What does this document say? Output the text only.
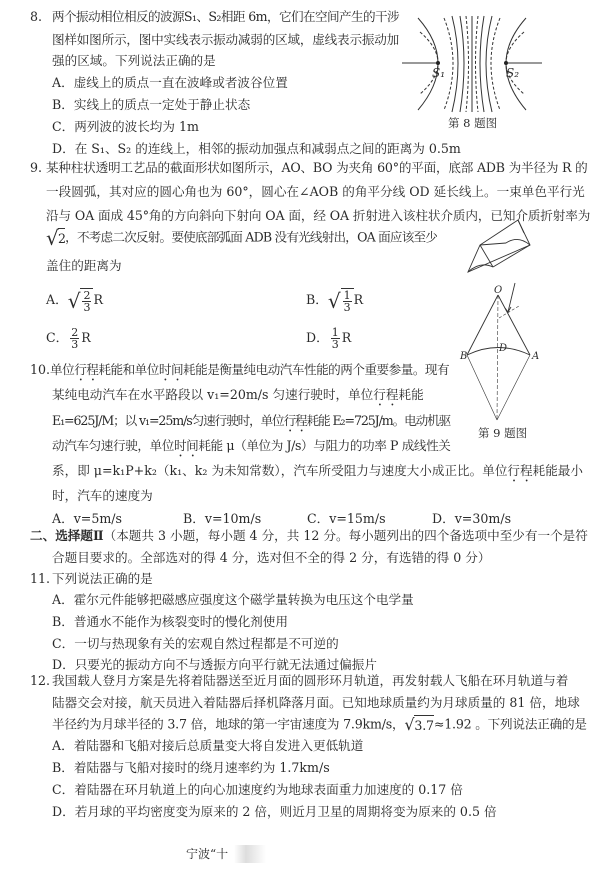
8. 两个振动相位相反的波源S₁、S₂相距 6m，它们在空间产生的干涉
图样如图所示，图中实线表示振动减弱的区域，虚线表示振动加
强的区域。下列说法正确的是
A．虚线上的质点一直在波峰或者波谷位置
B．实线上的质点一定处于静止状态
C．两列波的波长均为 1m
D．在 S₁、S₂ 的连线上，相邻的振动加强点和减弱点之间的距离为 0.5m
S₁	S₂
第 8 题图
9. 某种柱状透明工艺品的截面形状如图所示，AO、BO 为夹角 60°的平面，底部 ADB 为半径为 R 的
一段圆弧，其对应的圆心角也为 60°，圆心在∠AOB 的角平分线 OD 延长线上。一束单色平行光
沿与 OA 面成 45°角的方向斜向下射向 OA 面，经 OA 折射进入该柱状介质内，已知介质折射率为
√ 2 ，不考虑二次反射。要使底部弧面 ADB 没有光线射出，OA 面应该至少
盖住的距离为
A． √ $\frac{2}{3}$ R	B． √ $\frac{1}{3}$ R
C． $\frac{2}{3}$ R	D． $\frac{1}{3}$ R
O
B
D
A
第 9 题图
10. 单位行程耗能和单位时间耗能是衡量纯电动汽车性能的两个重要参量。现有
某纯电动汽车在水平路段以 v₁=20m/s 匀速行驶时，单位行程耗能
E₁=625J/M；以 v₁=25m/s匀速行驶时，单位行程耗能 E₂=725J/m。电动机驱
动汽车匀速行驶，单位时间耗能 μ（单位为 J/s）与阻力的功率 P 成线性关
系，即 μ=k₁P+k₂（k₁、k₂ 为未知常数），汽车所受阻力与速度大小成正比。单位行程耗能最小
时，汽车的速度为
A．v=5m/s	B．v=10m/s	C．v=15m/s	D．v=30m/s
二、选择题Ⅱ（本题共 3 小题，每小题 4 分，共 12 分。每小题列出的四个备选项中至少有一个是符
合题目要求的。全部选对的得 4 分，选对但不全的得 2 分，有选错的得 0 分）
11. 下列说法正确的是
A．霍尔元件能够把磁感应强度这个磁学量转换为电压这个电学量
B．普通水不能作为核裂变时的慢化剂使用
C．一切与热现象有关的宏观自然过程都是不可逆的
D．只要光的振动方向不与透振方向平行就无法通过偏振片
12. 我国载人登月方案是先将着陆器送至近月面的圆形环月轨道，再发射载人飞船在环月轨道与着
陆器交会对接，航天员进入着陆器后择机降落月面。已知地球质量约为月球质量的 81 倍，地球
半径约为月球半径的 3.7 倍，地球的第一宇宙速度为 7.9km/s， √ 3.7 ≈1.92 。下列说法正确的是
A．着陆器和飞船对接后总质量变大将自发进入更低轨道
B．着陆器与飞船对接时的绕月速率约为 1.7km/s
C．着陆器在环月轨道上的向心加速度约为地球表面重力加速度的 0.17 倍
D．若月球的平均密度变为原来的 2 倍，则近月卫星的周期将变为原来的 0.5 倍
宁波“十
